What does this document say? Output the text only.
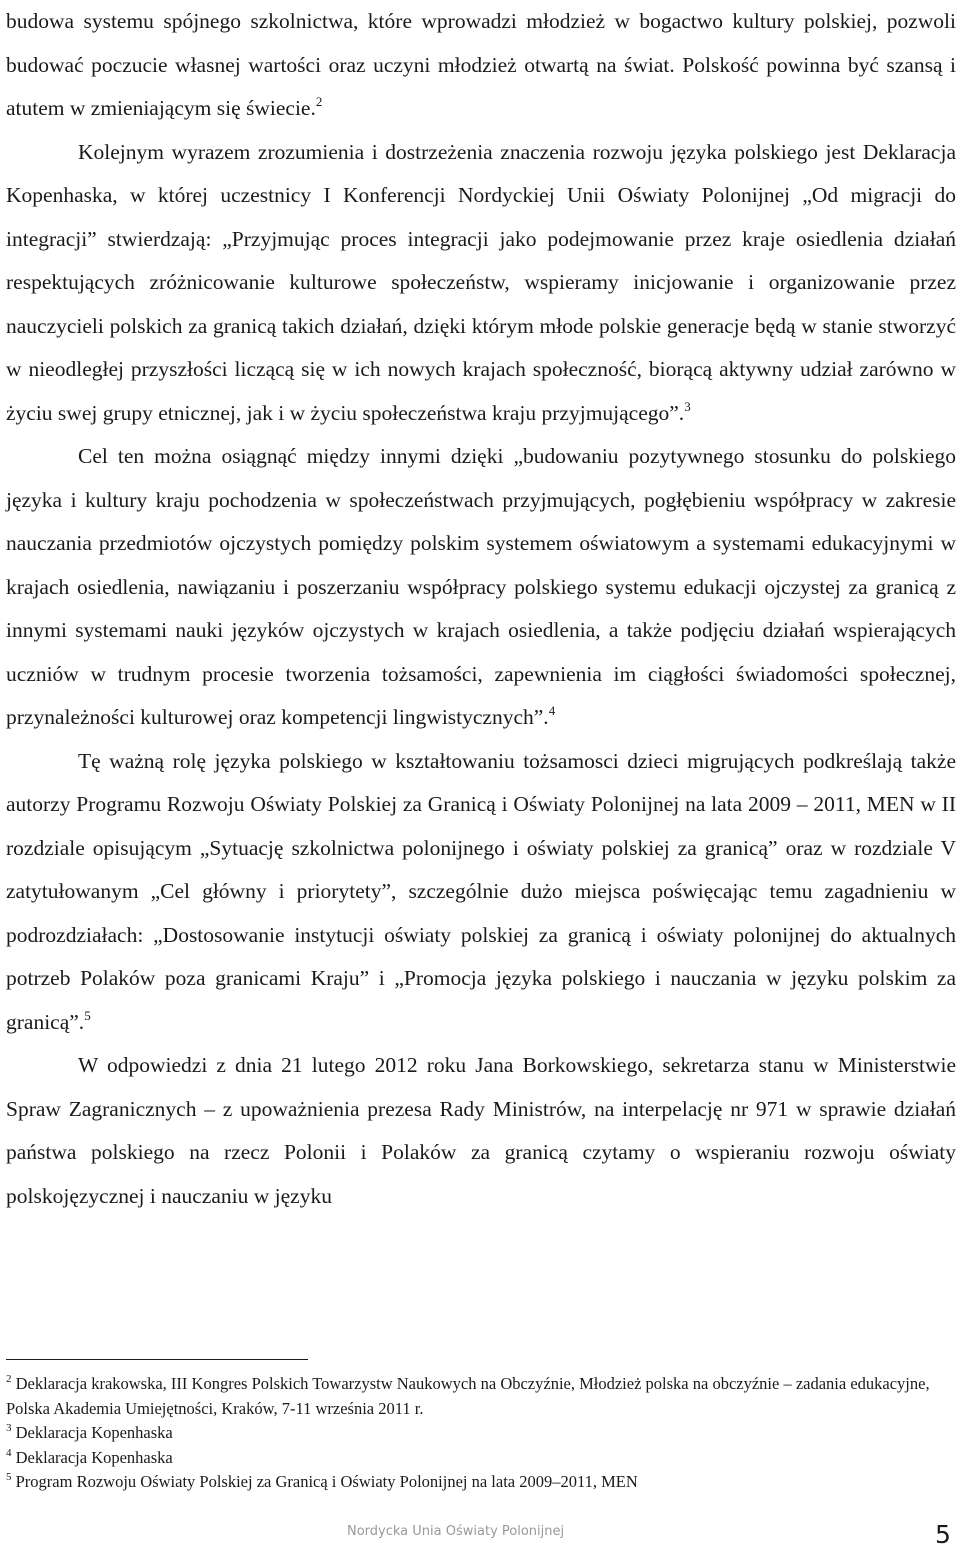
budowa systemu spójnego szkolnictwa, które wprowadzi młodzież w bogactwo kultury polskiej, pozwoli budować poczucie własnej wartości oraz uczyni młodzież otwartą na świat. Polskość powinna być szansą i atutem w zmieniającym się świecie.$^2$

Kolejnym wyrazem zrozumienia i dostrzeżenia znaczenia rozwoju języka polskiego jest Deklaracja Kopenhaska, w której uczestnicy I Konferencji Nordyckiej Unii Oświaty Polonijnej „Od migracji do integracji” stwierdzają: „Przyjmując proces integracji jako podejmowanie przez kraje osiedlenia działań respektujących zróżnicowanie kulturowe społeczeństw, wspieramy inicjowanie i organizowanie przez nauczycieli polskich za granicą takich działań, dzięki którym młode polskie generacje będą w stanie stworzyć w nieodległej przyszłości liczącą się w ich nowych krajach społeczność, biorącą aktywny udział zarówno w życiu swej grupy etnicznej, jak i w życiu społeczeństwa kraju przyjmującego”.$^3$

Cel ten można osiągnąć między innymi dzięki „budowaniu pozytywnego stosunku do polskiego języka i kultury kraju pochodzenia w społeczeństwach przyjmujących, pogłębieniu współpracy w zakresie nauczania przedmiotów ojczystych pomiędzy polskim systemem oświatowym a systemami edukacyjnymi w krajach osiedlenia, nawiązaniu i poszerzaniu współpracy polskiego systemu edukacji ojczystej za granicą z innymi systemami nauki języków ojczystych w krajach osiedlenia, a także podjęciu działań wspierających uczniów w trudnym procesie tworzenia tożsamości, zapewnienia im ciągłości świadomości społecznej, przynależności kulturowej oraz kompetencji lingwistycznych”.$^4$

Tę ważną rolę języka polskiego w kształtowaniu tożsamosci dzieci migrujących podkreślają także autorzy Programu Rozwoju Oświaty Polskiej za Granicą i Oświaty Polonijnej na lata 2009 – 2011, MEN w II rozdziale opisującym „Sytuację szkolnictwa polonijnego i oświaty polskiej za granicą” oraz w rozdziale V zatytułowanym „Cel główny i priorytety”, szczególnie dużo miejsca poświęcając temu zagadnieniu w podrozdziałach: „Dostosowanie instytucji oświaty polskiej za granicą i oświaty polonijnej do aktualnych potrzeb Polaków poza granicami Kraju” i „Promocja języka polskiego i nauczania w języku polskim za granicą”.$^5$

W odpowiedzi z dnia 21 lutego 2012 roku Jana Borkowskiego, sekretarza stanu w Ministerstwie Spraw Zagranicznych – z upoważnienia prezesa Rady Ministrów, na interpelację nr 971 w sprawie działań państwa polskiego na rzecz Polonii i Polaków za granicą czytamy o wspieraniu rozwoju oświaty polskojęzycznej i nauczaniu w języku

$^2$ Deklaracja krakowska, III Kongres Polskich Towarzystw Naukowych na Obczyźnie, Młodzież polska na obczyźnie – zadania edukacyjne, Polska Akademia Umiejętności, Kraków, 7-11 września 2011 r.

$^3$ Deklaracja Kopenhaska

$^4$ Deklaracja Kopenhaska

$^5$ Program Rozwoju Oświaty Polskiej za Granicą i Oświaty Polonijnej na lata 2009–2011, MEN

Nordycka Unia Oświaty Polonijnej	5
